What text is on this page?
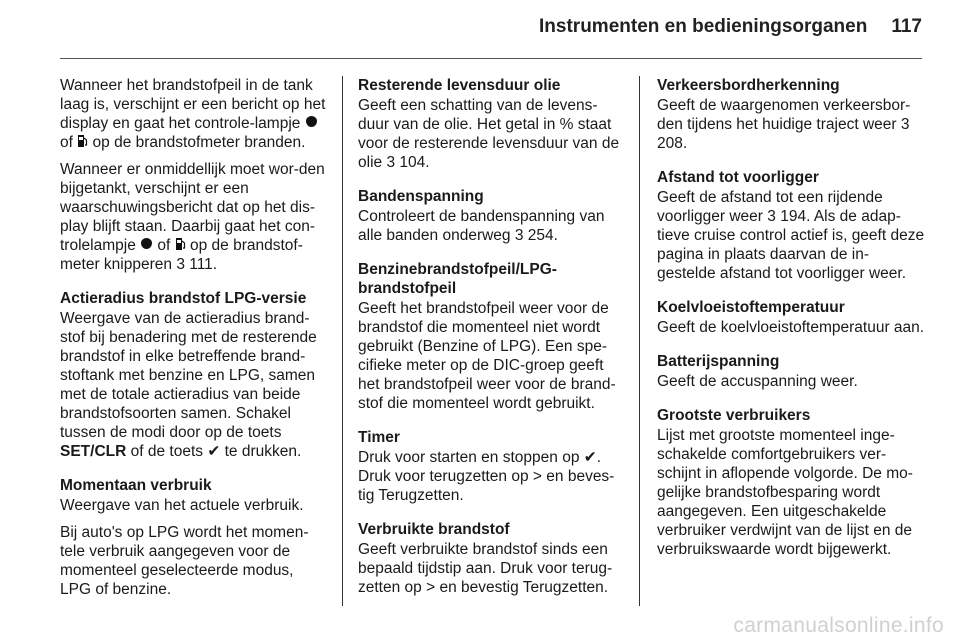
Instrumenten en bedieningsorganen 117

Wanneer het brandstofpeil in de tank laag is, verschijnt er een bericht op het display en gaat het controle-lampje  of  op de brandstofmeter branden.

Wanneer er onmiddellijk moet wor-den bijgetankt, verschijnt er een waarschuwingsbericht dat op het dis-play blijft staan. Daarbij gaat het con-trolelampje  of  op de brandstof-meter knipperen 3 111.

Actieradius brandstof LPG-versie
Weergave van de actieradius brand-stof bij benadering met de resterende brandstof in elke betreffende brand-stoftank met benzine en LPG, samen met de totale actieradius van beide brandstofsoorten samen. Schakel tussen de modi door op de toets SET/CLR of de toets ✔ te drukken.
Momentaan verbruik

Weergave van het actuele verbruik.

Bij auto's op LPG wordt het momen-tele verbruik aangegeven voor de momenteel geselecteerde modus, LPG of benzine.

Resterende levensduur olie
Geeft een schatting van de levens-duur van de olie. Het getal in % staat voor de resterende levensduur van de olie 3 104.
Bandenspanning
Controleert de bandenspanning van alle banden onderweg 3 254.
Benzinebrandstofpeil/LPG-brandstofpeil
Geeft het brandstofpeil weer voor de brandstof die momenteel niet wordt gebruikt (Benzine of LPG). Een spe-cifieke meter op de DIC-groep geeft het brandstofpeil weer voor de brand-stof die momenteel wordt gebruikt.
Timer
Druk voor starten en stoppen op ✔. Druk voor terugzetten op > en beves-tig Terugzetten.
Verbruikte brandstof
Geeft verbruikte brandstof sinds een bepaald tijdstip aan. Druk voor terug-zetten op > en bevestig Terugzetten.
Verkeersbordherkenning
Geeft de waargenomen verkeersbor-den tijdens het huidige traject weer 3 208.
Afstand tot voorligger
Geeft de afstand tot een rijdende voorligger weer 3 194. Als de adap-tieve cruise control actief is, geeft deze pagina in plaats daarvan de in-gestelde afstand tot voorligger weer.
Koelvloeistoftemperatuur
Geeft de koelvloeistoftemperatuur aan.
Batterijspanning
Geeft de accuspanning weer.
Grootste verbruikers
Lijst met grootste momenteel inge-schakelde comfortgebruikers ver-schijnt in aflopende volgorde. De mo-gelijke brandstofbesparing wordt aangegeven. Een uitgeschakelde verbruiker verdwijnt van de lijst en de verbruikswaarde wordt bijgewerkt.
carmanualsonline.info
